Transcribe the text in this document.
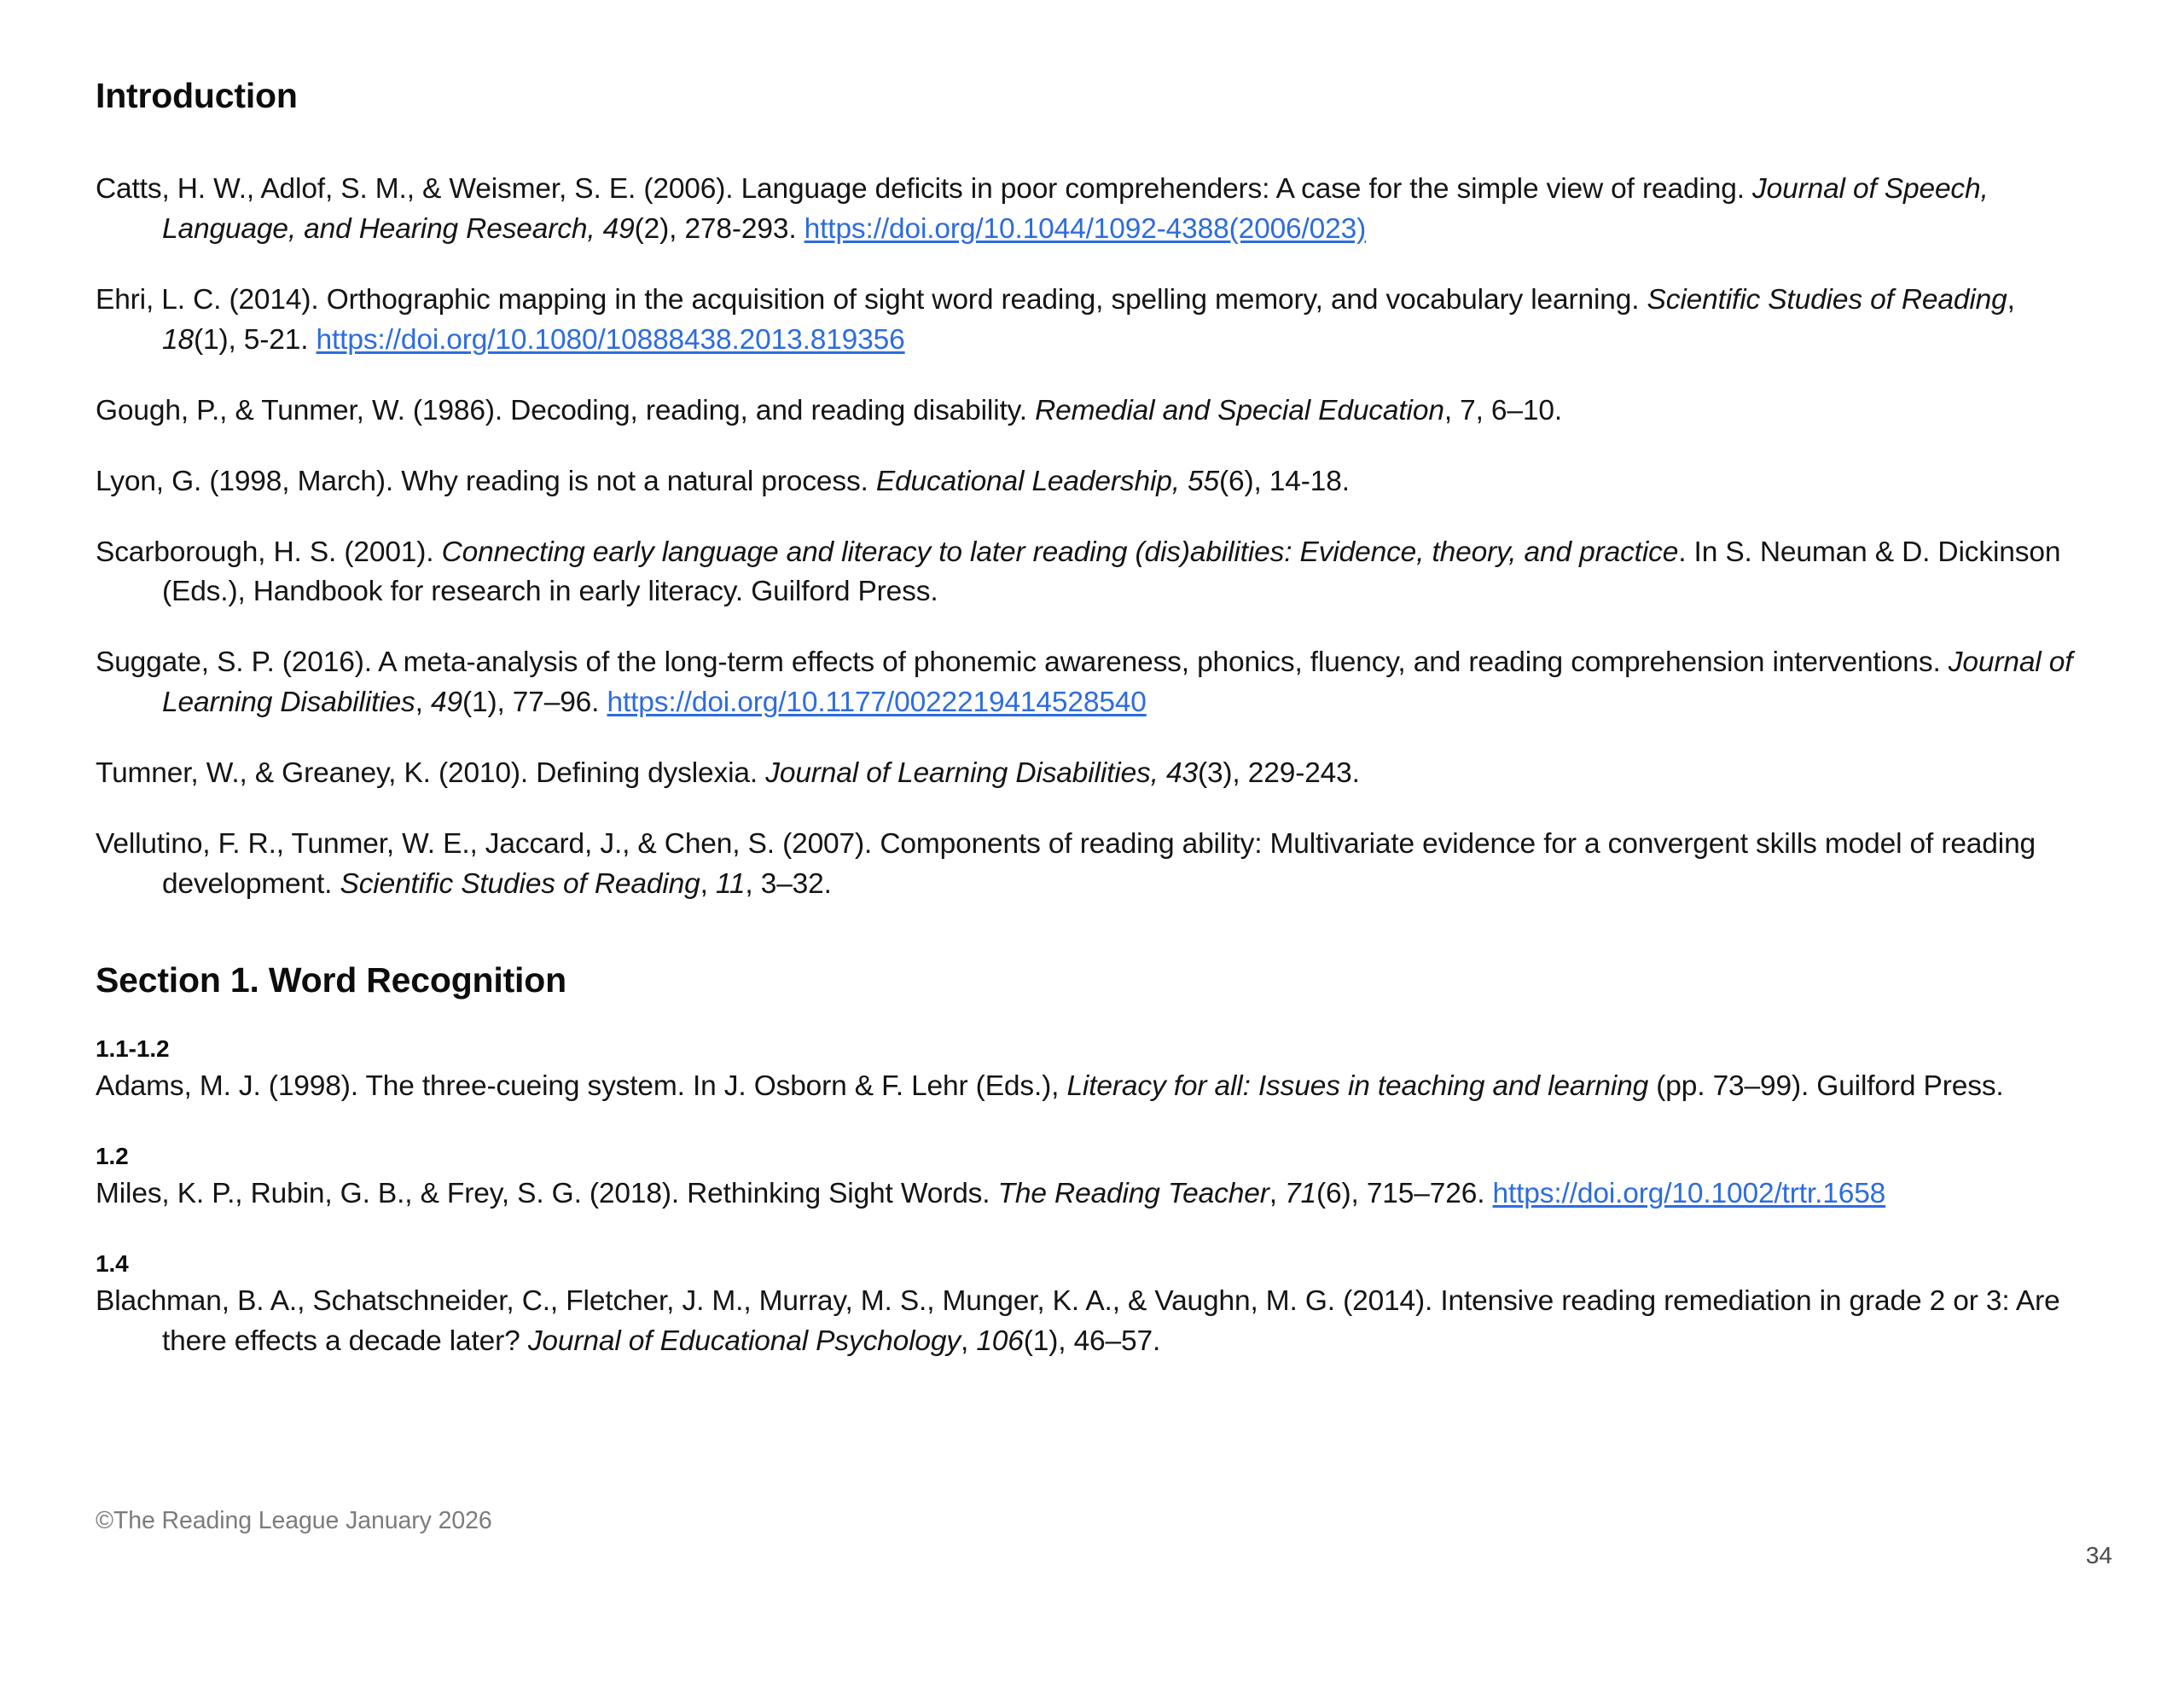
Introduction
Catts, H. W., Adlof, S. M., & Weismer, S. E. (2006). Language deficits in poor comprehenders: A case for the simple view of reading. Journal of Speech, Language, and Hearing Research, 49(2), 278-293. https://doi.org/10.1044/1092-4388(2006/023)
Ehri, L. C. (2014). Orthographic mapping in the acquisition of sight word reading, spelling memory, and vocabulary learning. Scientific Studies of Reading, 18(1), 5-21. https://doi.org/10.1080/10888438.2013.819356
Gough, P., & Tunmer, W. (1986). Decoding, reading, and reading disability. Remedial and Special Education, 7, 6–10.
Lyon, G. (1998, March). Why reading is not a natural process. Educational Leadership, 55(6), 14-18.
Scarborough, H. S. (2001). Connecting early language and literacy to later reading (dis)abilities: Evidence, theory, and practice. In S. Neuman & D. Dickinson (Eds.), Handbook for research in early literacy. Guilford Press.
Suggate, S. P. (2016). A meta-analysis of the long-term effects of phonemic awareness, phonics, fluency, and reading comprehension interventions. Journal of Learning Disabilities, 49(1), 77–96. https://doi.org/10.1177/0022219414528540
Tumner, W., & Greaney, K. (2010). Defining dyslexia. Journal of Learning Disabilities, 43(3), 229-243.
Vellutino, F. R., Tunmer, W. E., Jaccard, J., & Chen, S. (2007). Components of reading ability: Multivariate evidence for a convergent skills model of reading development. Scientific Studies of Reading, 11, 3–32.
Section 1. Word Recognition
1.1-1.2
Adams, M. J. (1998). The three-cueing system. In J. Osborn & F. Lehr (Eds.), Literacy for all: Issues in teaching and learning (pp. 73–99). Guilford Press.
1.2
Miles, K. P., Rubin, G. B., & Frey, S. G. (2018). Rethinking Sight Words. The Reading Teacher, 71(6), 715–726. https://doi.org/10.1002/trtr.1658
1.4
Blachman, B. A., Schatschneider, C., Fletcher, J. M., Murray, M. S., Munger, K. A., & Vaughn, M. G. (2014). Intensive reading remediation in grade 2 or 3: Are there effects a decade later? Journal of Educational Psychology, 106(1), 46–57.
©The Reading League January 2026
34
